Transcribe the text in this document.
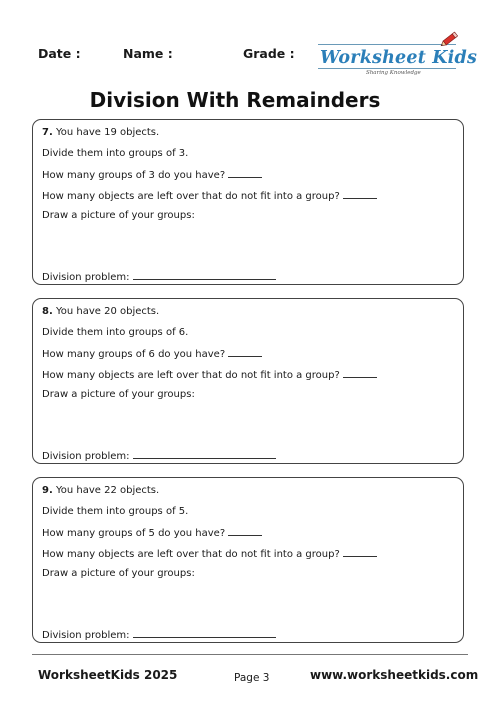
Date :	Name :	Grade : Worksheet Kids
Sharing Knowledge
Division With Remainders
7. You have 19 objects.
Divide them into groups of 3.
How many groups of 3 do you have?
How many objects are left over that do not fit into a group?
Draw a picture of your groups:
Division problem:
8. You have 20 objects.
Divide them into groups of 6.
How many groups of 6 do you have?
How many objects are left over that do not fit into a group?
Draw a picture of your groups:
Division problem:
9. You have 22 objects.
Divide them into groups of 5.
How many groups of 5 do you have?
How many objects are left over that do not fit into a group?
Draw a picture of your groups:
Division problem:
WorksheetKids 2025	Page 3	www.worksheetkids.com
